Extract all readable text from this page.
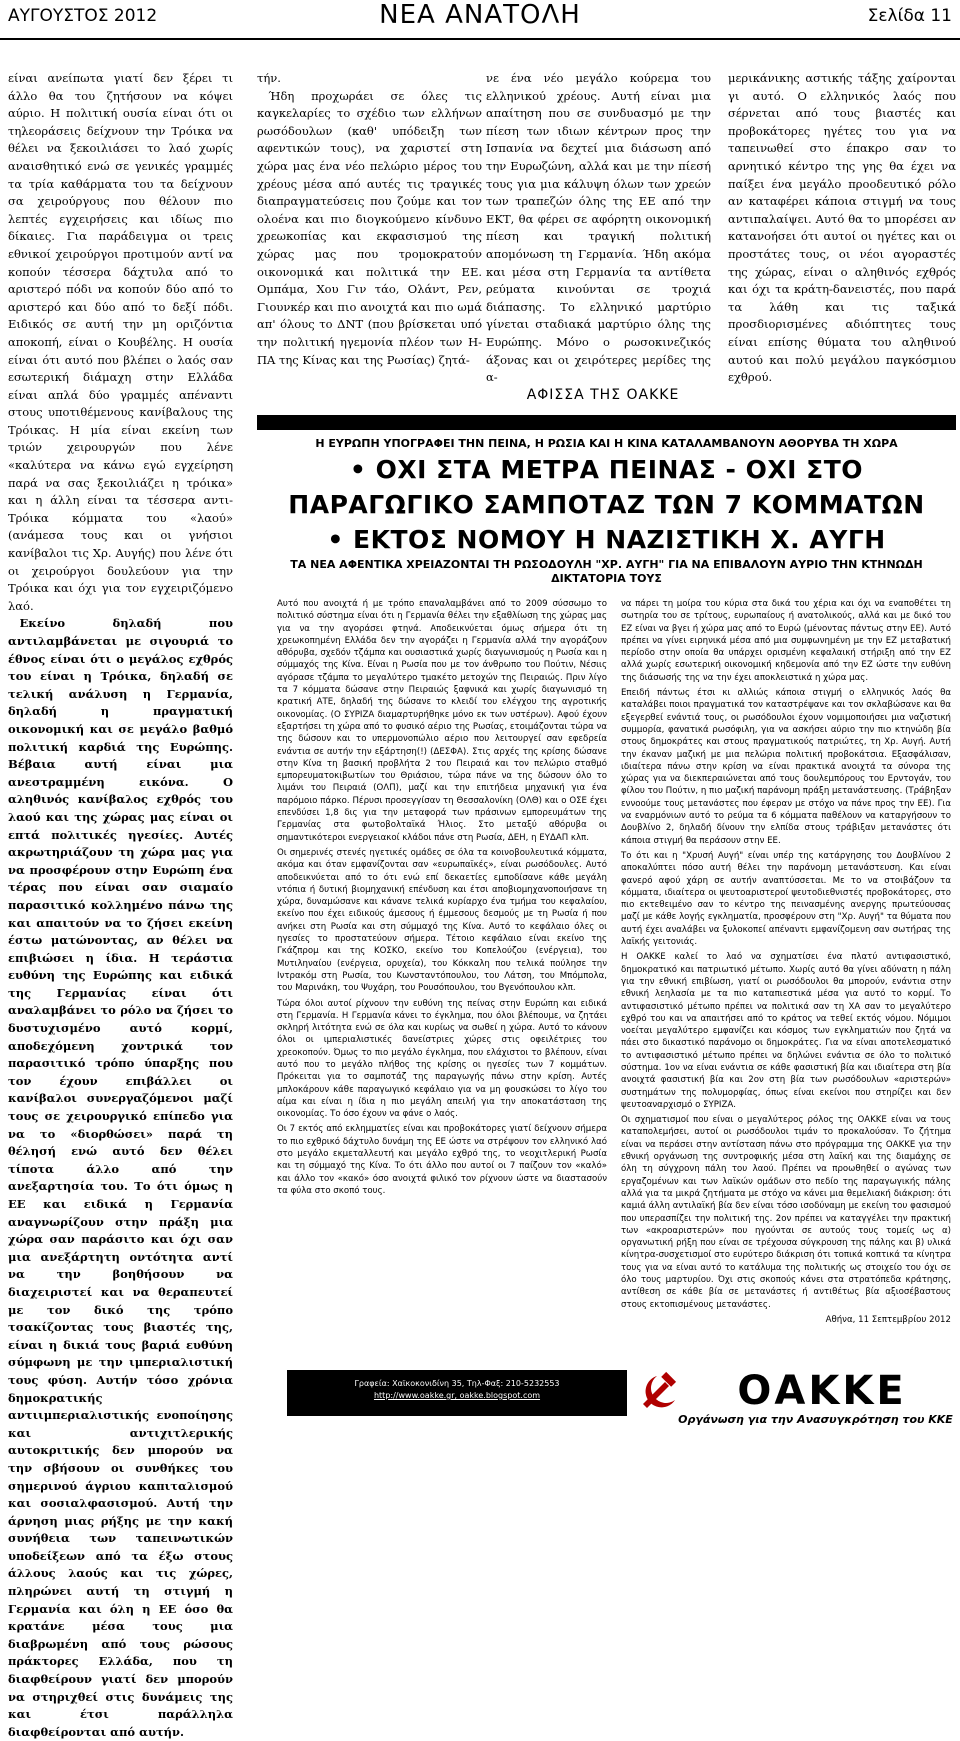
ΑΥΓΟΥΣΤΟΣ 2012	ΝΕΑ ΑΝΑΤΟΛΗ	Σελίδα 11

είναι ανείπωτα γιατί δεν ξέρει τι άλλο θα του ζητήσουν να κόψει αύριο. Η πολιτική ουσία είναι ότι οι τηλεοράσεις δείχνουν την Τρόικα να θέλει να ξεκοιλιάσει το λαό χωρίς αναισθητικό ενώ σε γενικές γραμμές τα τρία καθάρματα του τα δείχνουν σα χειρούργους που θέλουν πιο λεπτές εγχειρήσεις και ιδίως πιο δίκαιες. Για παράδειγμα οι τρεις εθνικοί χειρούργοι προτιμούν αντί να κοπούν τέσσερα δάχτυλα από το αριστερό πόδι να κοπούν δύο από το αριστερό και δύο από το δεξί πόδι. Ειδικός σε αυτή την μη οριζόντια αποκοπή, είναι ο Κουβέλης. Η ουσία είναι ότι αυτό που βλέπει ο λαός σαν εσωτερική διάμαχη στην Ελλάδα είναι απλά δύο γραμμές απέναντι στους υποτιθέμενους κανίβαλους της Τρόικας. Η μία είναι εκείνη των τριών χειρουργών που λένε «καλύτερα να κάνω εγώ εγχείρηση παρά να σας ξεκοιλιάζει η τρόικα» και η άλλη είναι τα τέσσερα αντι-Τρόικα κόμματα του «λαού» (ανάμεσα τους και οι γνήσιοι κανίβαλοι τις Χρ. Αυγής) που λένε ότι οι χειρούργοι δουλεύουν για την Τρόικα και όχι για τον εγχειριζόμενο λαό.

Εκείνο δηλαδή που αντιλαμβάνεται με σιγουριά το έθνος είναι ότι ο μεγάλος εχθρός του είναι η Τρόικα, δηλαδή σε τελική ανάλυση η Γερμανία, δηλαδή η πραγματική οικονομική και σε μεγάλο βαθμό πολιτική καρδιά της Ευρώπης. Βέβαια αυτή είναι μια ανεστραμμένη εικόνα. Ο αληθινός κανίβαλος εχθρός του λαού και της χώρας μας είναι οι επτά πολιτικές ηγεσίες. Αυτές ακρωτηριάζουν τη χώρα μας για να προσφέρουν στην Ευρώπη ένα τέρας που είναι σαν σιαμαίο παρασιτικό κολλημένο πάνω της και απαιτούν να το ζήσει εκείνη έστω ματώνοντας, αν θέλει να επιβιώσει η ίδια. Η τεράστια ευθύνη της Ευρώπης και ειδικά της Γερμανίας είναι ότι αναλαμβάνει το ρόλο να ζήσει το δυστυχισμένο αυτό κορμί, αποδεχόμενη χοντρικά τον παρασιτικό τρόπο ύπαρξης που τον έχουν επιβάλλει οι κανίβαλοι συνεργαζόμενοι μαζί τους σε χειρουργικό επίπεδο για να το «διορθώσει» παρά τη θέλησή ενώ αυτό δεν θέλει τίποτα άλλο από την ανεξαρτησία του. Το ότι όμως η ΕΕ και ειδικά η Γερμανία αναγνωρίζουν στην πράξη μια χώρα σαν παράσιτο και όχι σαν μια ανεξάρτητη οντότητα αντί να την βοηθήσουν να διαχειριστεί και να θεραπευτεί με τον δικό της τρόπο τσακίζοντας τους βιαστές της, είναι η δικιά τους βαριά ευθύνη σύμφωνη με την ιμπεριαλιστική τους φύση. Αυτήν τόσο χρόνια δημοκρατικής αντιιμπεριαλιστικής ενοποίησης και αντιχιτλερικής αυτοκριτικής δεν μπορούν να την σβήσουν οι συνθήκες του σημερινού άγριου καπιταλισμού και σοσιαλφασισμού. Αυτή την άρνηση μιας ρήξης με την κακή συνήθεια των ταπεινωτικών υποδείξεων από τα έξω στους άλλους λαούς και τις χώρες, πληρώνει αυτή τη στιγμή η Γερμανία και όλη η ΕΕ όσο θα κρατάνε μέσα τους μια διαβρωμένη από τους ρώσους πράκτορες Ελλάδα, που τη διαφθείρουν γιατί δεν μπορούν να στηριχθεί στις δυνάμεις της και έτσι παράλληλα διαφθείρονται από αυτήν.

τήν.

Ήδη προχωράει σε όλες τις καγκελαρίες το σχέδιο των ελλήνων ρωσόδουλων (καθ' υπόδειξη των αφεντικών τους), να χαριστεί στη χώρα μας ένα νέο πελώριο μέρος του χρέους μέσα από αυτές τις τραγικές διαπραγματεύσεις που ζούμε και τον ολοένα και πιο διογκούμενο κίνδυνο χρεωκοπίας και εκφασισμού της χώρας μας που τρομοκρατούν οικονομικά και πολιτικά την ΕΕ. Ομπάμα, Χου Γιν τάο, Ολάντ, Ρεν, Γιουνκέρ και πιο ανοιχτά και πιο ωμά απ' όλους το ΔΝΤ (που βρίσκεται υπό την πολιτική ηγεμονία πλέον των Η-ΠΑ της Κίνας και της Ρωσίας) ζητά-

νε ένα νέο μεγάλο κούρεμα του ελληνικού χρέους. Αυτή είναι μια απαίτηση που σε συνδυασμό με την πίεση των ιδιων κέντρων προς την Ισπανία να δεχτεί μια διάσωση από την Ευρωζώνη, αλλά και με την πίεσή τους για μια κάλυψη όλων των χρεών των τραπεζών όλης της ΕΕ από την ΕΚΤ, θα φέρει σε αφόρητη οικονομική πίεση και τραγική πολιτική απομόνωση τη Γερμανία. Ήδη ακόμα και μέσα στη Γερμανία τα αντίθετα ρεύματα κινούνται σε τροχιά διάπασης. Το ελληνικό μαρτύριο γίνεται σταδιακά μαρτύριο όλης της Ευρώπης. Μόνο ο ρωσοκινεζικός άξονας και οι χειρότερες μερίδες της α-

μερικάνικης αστικής τάξης χαίρονται γι αυτό. Ο ελληνικός λαός που σέρνεται από τους βιαστές και προβοκάτορες ηγέτες του για να ταπεινωθεί στο έπακρο σαν το αρνητικό κέντρο της γης θα έχει να παίξει ένα μεγάλο προοδευτικό ρόλο αν καταφέρει κάποια στιγμή να τους αντιπαλαίψει. Αυτό θα το μπορέσει αν κατανοήσει ότι αυτοί οι ηγέτες και οι προστάτες τους, οι νέοι αγοραστές της χώρας, είναι ο αληθινός εχθρός και όχι τα κράτη-δανειστές, που παρά τα λάθη και τις ταξικά προσδιορισμένες αδιόπτητες τους είναι επίσης θύματα του αληθινού αυτού και πολύ μεγάλου παγκόσμιου εχθρού.

ΑΦΙΣΣΑ ΤΗΣ ΟΑΚΚΕ
Η ΕΥΡΩΠΗ ΥΠΟΓΡΑΦΕΙ ΤΗΝ ΠΕΙΝΑ, Η ΡΩΣΙΑ ΚΑΙ Η ΚΙΝΑ ΚΑΤΑΛΑΜΒΑΝΟΥΝ ΑΘΟΡΥΒΑ ΤΗ ΧΩΡΑ
• ΟΧΙ ΣΤΑ ΜΕΤΡΑ ΠΕΙΝΑΣ - ΟΧΙ ΣΤΟ
ΠΑΡΑΓΩΓΙΚΟ ΣΑΜΠΟΤΑΖ ΤΩΝ 7 ΚΟΜΜΑΤΩΝ
• ΕΚΤΟΣ ΝΟΜΟΥ Η ΝΑΖΙΣΤΙΚΗ Χ. ΑΥΓΗ
ΤΑ ΝΕΑ ΑΦΕΝΤΙΚΑ ΧΡΕΙΑΖΟΝΤΑΙ ΤΗ ΡΩΣΟΔΟΥΛΗ "ΧΡ. ΑΥΓΗ" ΓΙΑ ΝΑ ΕΠΙΒΑΛΟΥΝ ΑΥΡΙΟ ΤΗΝ ΚΤΗΝΩΔΗ ΔΙΚΤΑΤΟΡΙΑ ΤΟΥΣ

Αυτό που ανοιχτά ή με τρόπο επαναλαμβάνει από το 2009 σύσσωμο το πολιτικό σύστημα είναι ότι η Γερμανία θέλει την εξαθλίωση της χώρας μας για να την αγοράσει φτηνά. Αποδεικνύεται όμως σήμερα ότι τη χρεωκοπημένη Ελλάδα δεν την αγοράζει η Γερμανία αλλά την αγοράζουν αθόρυβα, σχεδόν τζάμπα και ουσιαστικά χωρίς διαγωνισμούς η Ρωσία και η σύμμαχός της Κίνα. Είναι η Ρωσία που με τον άνθρωπο του Πούτιν, Νέσιις αγόρασε τζάμπα το μεγαλύτερο τμακέτο μετοχών της Πειραιώς. Πριν λίγο τα 7 κόμματα δώσανε στην Πειραιώς ξαφνικά και χωρίς διαγωνισμό τη κρατική ΑΤΕ, δηλαδή της δώσανε το κλειδί του ελέγχου της αγροτικής οικονομίας. (Ο ΣΥΡΙΖΑ διαμαρτυρήθηκε μόνο εκ των υστέρων). Αφού έχουν εξαρτήσει τη χώρα από το φυσικό αέριο της Ρωσίας, ετοιμάζονται τώρα να της δώσουν και το υπερμονοπώλιο αέριο που λειτουργεί σαν εφεδρεία ενάντια σε αυτήν την εξάρτηση(!) (ΔΕΣΦΑ). Στις αρχές της κρίσης δώσανε στην Κίνα τη βασική προβλήτα 2 του Πειραιά και τον πελώριο σταθμό εμπορευματοκιβωτίων του Θριάσιου, τώρα πάνε να της δώσουν όλο το λιμάνι του Πειραιά (ΟΛΠ), μαζί και την επιτήδεια μηχανική για ένα παρόμοιο πάρκο. Πέρυσι προσεγγίσαν τη Θεσσαλονίκη (ΟΛΘ) και ο ΟΣΕ έχει επενδύσει 1,8 δις για την μεταφορά των πράσινων εμπορευμάτων της Γερμανίας στα φωτοβολταϊκά Ήλιος. Στο μεταξύ αθόρυβα οι σημαντικότεροι ενεργειακοί κλάδοι πάνε στη Ρωσία, ΔΕΗ, η ΕΥΔΑΠ κλπ.

Οι σημερινές στενές ηγετικές ομάδες σε όλα τα κοινοβουλευτικά κόμματα, ακόμα και όταν εμφανίζονται σαν «ευρωπαϊκές», είναι ρωσόδουλες. Αυτό αποδεικνύεται από το ότι ενώ επί δεκαετίες εμποδίσανε κάθε μεγάλη ντόπια ή δυτική βιομηχανική επένδυση και έτσι αποβιομηχανοποιήσανε τη χώρα, δυναμώσανε και κάνανε τελικά κυρίαρχο ένα τμήμα του κεφαλαίου, εκείνο που έχει ειδικούς άμεσους ή έμμεσους δεσμούς με τη Ρωσία ή που ανήκει στη Ρωσία και στη σύμμαχό της Κίνα. Αυτό το κεφάλαιο όλες οι ηγεσίες το προστατεύουν σήμερα. Τέτοιο κεφάλαιο είναι εκείνο της Γκάζπρομ και της ΚΟΣΚΟ, εκείνο του Κοπελούζου (ενέργεια), του Μυτιληναίου (ενέργεια, ορυχεία), του Κόκκαλη που τελικά πούλησε την Ιντρακόμ στη Ρωσία, του Κωνσταντόπουλου, του Λάτση, του Μπόμπολα, του Μαρινάκη, του Ψυχάρη, του Ρουσόπουλου, του Βγενόπουλου κλπ.

Τώρα όλοι αυτοί ρίχνουν την ευθύνη της πείνας στην Ευρώπη και ειδικά στη Γερμανία. Η Γερμανία κάνει το έγκλημα, που όλοι βλέπουμε, να ζητάει σκληρή λιτότητα ενώ σε όλα και κυρίως να σωθεί η χώρα. Αυτό το κάνουν όλοι οι ιμπεριαλιστικές δανείστριες χώρες στις οφειλέτριες του χρεοκοπούν. Όμως το πιο μεγάλο έγκλημα, που ελάχιστοι το βλέπουν, είναι αυτό που το μεγάλο πλήθος της κρίσης οι ηγεσίες των 7 κομμάτων. Πρόκειται για το σαμποτάζ της παραγωγής πάνω στην κρίση. Αυτές μπλοκάρουν κάθε παραγωγικό κεφάλαιο για να μη φουσκώσει το λίγο του αίμα και είναι η ίδια η πιο μεγάλη απειλή για την αποκατάσταση της οικονομίας. Το όσο έχουν να φάνε ο λαός.

Οι 7 εκτός από εκλημματίες είναι και προβοκάτορες γιατί δείχνουν σήμερα το πιο εχθρικό δάχτυλο δυνάμη της ΕΕ ώστε να στρέψουν τον ελληνικό λαό στο μεγάλο εκμεταλλευτή και μεγάλο εχθρό της, το νεοχιτλερική Ρωσία και τη σύμμαχό της Κίνα. Το ότι άλλο που αυτοί οι 7 παίζουν τον «καλό» και άλλο τον «κακό» όσο ανοιχτά φιλικό τον ρίχνουν ώστε να διαστασούν τα φύλα στο σκοπό τους.

να πάρει τη μοίρα του κύρια στα δικά του χέρια και όχι να εναποθέτει τη σωτηρία του σε τρίτους, ευρωπαίους ή ανατολικούς, αλλά και με δικό του ΕΖ είναι να βγει ή χώρα μας από το Ευρώ (μένοντας πάντως στην ΕΕ). Αυτό πρέπει να γίνει ειρηνικά μέσα από μια συμφωνημένη με την ΕΖ μεταβατική περίοδο στην οποία θα υπάρχει ορισμένη κεφαλαική στήριξη από την ΕΖ αλλά χωρίς εσωτερική οικονομική κηδεμονία από την ΕΖ ώστε την ευθύνη της διάσωσής της να την έχει αποκλειστικά η χώρα μας.

Επειδή πάντως έτσι κι αλλιώς κάποια στιγμή ο ελληνικός λαός θα καταλάβει ποιοι πραγματικά τον καταστρέψανε και τον σκλαβώσανε και θα εξεγερθεί ενάντιά τους, οι ρωσόδουλοι έχουν νομιμοποιήσει μια ναζιστική συμμορία, φανατικά ρωσόφιλη, για να ασκήσει αύριο την πιο κτηνώδη βία στους δημοκράτες και στους πραγματικούς πατριώτες, τη Χρ. Αυγή. Αυτή την έκαναν μαζική με μια πελώρια πολιτική προβοκάτσια. Εξασφάλισαν, ιδιαίτερα πάνω στην κρίση να είναι πρακτικά ανοιχτά τα σύνορα της χώρας για να διεκπεραιώνεται από τους δουλεμπόρους του Ερντογάν, του φίλου του Πούτιν, η πιο μαζική παράνομη πράξη μετανάστευσης. (Τράβηξαν εννοούμε τους μετανάστες που έφεραν με στόχο να πάνε προς την ΕΕ). Για να εναρμόνιων αυτό το ρεύμα τα 6 κόμματα παθέλουν να καταργήσουν το Δουβλίνο 2, δηλαδή δίνουν την ελπίδα στους τράβιξαν μετανάστες ότι κάποια στιγμή θα περάσουν στην ΕΕ.

Το ότι και η "Χρυσή Αυγή" είναι υπέρ της κατάργησης του Δουβλίνου 2 αποκαλύπτει πόσο αυτή θέλει την παράνομη μετανάστευση. Και είναι φανερό αφού χάρη σε αυτήν αναπτύσσεται. Με το να στοιβάζουν τα κόμματα, ιδιαίτερα οι ψευτοαριστεροί ψευτοδιεθνιστές προβοκάτορες, στο πιο εκτεθειμένο σαν το κέντρο της πεινασμένης ανεργης πρωτεύουσας μαζί με κάθε λογής εγκληματία, προσφέρουν στη "Χρ. Αυγή" τα θύματα που αυτή έχει αναλάβει να ξυλοκοπεί απέναντι εμφανίζομενη σαν σωτήρας της λαϊκής γειτονιάς.

Η ΟΑΚΚΕ καλεί το λαό να σχηματίσει ένα πλατύ αντιφασιστικό, δημοκρατικό και πατριωτικό μέτωπο. Χωρίς αυτό θα γίνει αδύνατη η πάλη για την εθνική επιβίωση, γιατί οι ρωσόδουλοι θα μπορούν, ενάντια στην εθνική λεηλασία με τα πιο καταπιεστικά μέσα για αυτό το κορμί. Το αντιφασιστικό μέτωπο πρέπει να πολιτικά σαν τη ΧΑ σαν το μεγαλύτερο εχθρό του και να απαιτήσει από το κράτος να τεθεί εκτός νόμου. Νόμιμοι νοείται μεγαλύτερο εμφανίζει και κόσμος των εγκληματιών που ζητά να πάει στο δικαστικό παράνομο οι δημοκράτες. Για να είναι αποτελεσματικό το αντιφασιστικό μέτωπο πρέπει να δηλώνει ενάντια σε όλο το πολιτικό σύστημα. 1ον να είναι ενάντια σε κάθε φασιστική βία και ιδιαίτερα στη βία ανοιχτά φασιστική βία και 2ον στη βία των ρωσόδουλων «αριστερών» συστημάτων της πολυμορφίας, όπως είναι εκείνοι που στηρίζει και δεν ψευτοαναρχισμό ο ΣΥΡΙΖΑ.

Οι σχηματισμοί που είναι ο μεγαλύτερος ρόλος της ΟΑΚΚΕ είναι να τους καταπολεμήσει, αυτοί οι ρωσόδουλοι τιμάν το προκαλούσαν. Το ζήτημα είναι να περάσει στην αντίσταση πάνω στο πρόγραμμα της ΟΑΚΚΕ για την εθνική οργάνωση της συντροφικής μέσα στη λαϊκή και της διαμάχης σε όλη τη σύγχρονη πάλη του λαού. Πρέπει να προωθηθεί ο αγώνας των εργαζομένων και των λαϊκών ομάδων στο πεδίο της παραγωγικής πάλης αλλά για τα μικρά ζητήματα με στόχο να κάνει μια θεμελιακή διάκριση: ότι καμιά άλλη αντιλαϊκή βία δεν είναι τόσο ισοδύναμη με εκείνη του φασισμού που υπερασπίζει την πολιτική της. 2ον πρέπει να καταγγέλει την πρακτική των «ακροαριστερών» που ηγούνται σε αυτούς τους τομείς ως α) οργανωτική ρήξη που είναι σε τρέχουσα σύγκρουση της πάλης και β) υλικά κίνητρα-συσχετισμοί στο ευρύτερο διάκριση ότι τοπικά κοπτικά τα κίνητρα τους για να είναι αυτό το κατάλυμα της πολιτικής ως στοιχείο του όχι σε όλο τους μαρτυρίου. Όχι στις σκοπούς κάνει στα στρατόπεδα κράτησης, αντίθεση σε κάθε βία σε μετανάστες ή αντιθέτως βία αξιοσέβαστους στους εκτοπισμένους μετανάστες.

Αθήνα, 11 Σεπτεμβρίου 2012

Γραφεία: Χαϊκοκονιδίνη 35, Τηλ-Φαξ: 210-5232553
http://www.oakke.gr, oakke.blogspot.com	ΟΑΚΚΕ
Οργάνωση για την Ανασυγκρότηση του ΚΚΕ
